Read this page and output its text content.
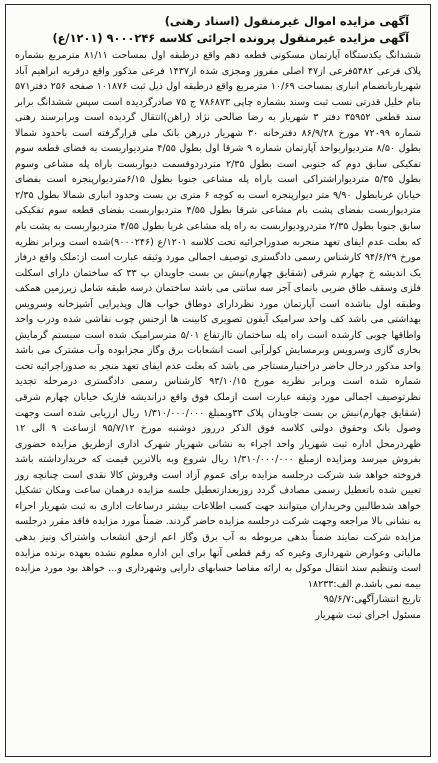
آگهی مزایده اموال غیرمنقول (اسناد رهنی)
آگهی مزایده غیرمنقول پرونده اجرائی کلاسه ۹۰۰۰۲۴۶ (۱۲۰۱/ع)
ششدانگ یکدستگاه آپارتمان مسکونی قطعه دهم واقع درطبقه اول بمساحت ۸۱/۱۱ مترمربع بشماره پلاک فرعی ۵۴۸۲فرعی از۴۷ اصلی مفروز ومجزی شده از۱۴۳۷ فرعی مذکور واقع درقریه ابراهیم آباد شهریاربانضمام انباری بمساحت ۱۰/۶۹ مترمربع واقع درطبقه اول ذیل ثبت ۱۰۱۸۷۶ صفحه ۲۵۶ دفتر۵۷۱ بنام خلیل قدرتی نسب ثبت وسند بشماره چاپی ۷۸۶۸۷۳ ج ۷۵ صادرگردیده است سپس ششدانگ برابر سند قطعی ۳۵۹۵۲ دفتر ۳ شهریار به رضا صالحی نژاد (راهن)انتقال گردیده است وبرابرسند رهنی شماره ۷۲۰۹۹ مورخ ۸۶/۹/۲۸ دفترخانه ۳۰ شهریار دررهن بانک ملی قرارگرفته است باحدود شمالا بطول ۸/۵۰ متردیواربواحد آپارتمان شماره ۹ شرقا اول بطول ۴/۵۵ متردیواربست به فضای قطعه سوم تفکیکی سابق دوم که جنوبی است بطول ۲/۳۵ متردردوقسمت دیواربست باراه پله مشاعی وسوم بطول ۵/۳۵ متردیواراشتراکی است باراه پله مشاعی جنوبا بطول ۶/۱۵متردیوارپنجره است بفضای خیابان غربابطول ۹/۹۰ متر دیوارپنجره است به کوچه ۶ متری بن بست وحدود انباری شمالا بطول ۲/۳۵ متردیواربست بفضای پشت بام مشاعی شرقا بطول ۴/۵۵ متردیواربست بفضای قطعه سوم تفکیکی سابق جنوبا بطول ۲/۳۵ متردرودیواربست به راه پله مشاعی غربا بطول ۴/۵۵ متردیواربست به پشت بام که بعلت عدم ایفای تعهد منجربه صدوراجرائیه تحت کلاسه ۱۲۰۱/ع (۹۰۰۰۲۴۶)شده است وبرابر نظریه مورخ ۹۴/۶/۲۹ کارشناس رسمی دادگستری توصیف اجمالی مورد وثیقه عبارت است از:ملک واقع درفاز یک اندیشه خ چهارم شرقی (شقایق چهارم)نبش بن بست جاویدان پ ۳۳ که ساختمان دارای اسکلت فلزی وسقف طاق ضربی بانمای آجر سه سانتی می باشد ساختمان درسه طبقه شامل زیرزمین همکف وطبقه اول بناشده است آپارتمان مورد نظردارای دوطاق خواب هال وپذیرایی آشپزخانه وسرویس بهداشتی می باشد کف واحد سرامیک آیفون تصویری کابینت ها ازجنس چوب نقاشی شده ودرب واحد واطاقها چوبی کارشده است راه پله ساختمان تاارتفاع ۵/۰۱ مترسرامیک شده است سیستم گرمایش بخاری گازی وسرویس وبرمسایش کولرآبی است انشعابات برق وگاز مجزابوده وآب مشترک می باشد واحد مذکور درحال حاضر دراختیارمستاجر می باشد که بعلت عدم ایفای تعهد منجر به صدوراجرائیه تحت شماره شده است وبرابر نظریه مورخ ۹۳/۱۰/۱۵ کارشناس رسمی دادگستری درمرحله تجدید نظرتوصیف اجمالی مورد وثیقه عبارت است ازملک فوق واقع دراندیشه فازیک خیابان چهارم شرقی (شقایق چهارم)نبش بن بست جاویدان پلاک ۳۳وبمبلغ ۱/۳۱۰/۰۰۰/۰۰۰ ریال ارزیابی شده است وجهت وصول بانک وحقوق دولتی کلاسه فوق الذکر درروز دوشنبه مورخ ۹۵/۷/۱۲ ازساعت ۹ الی ۱۲ ظهردرمحل اداره ثبت شهریار واحد اجراء به نشانی شهریار شهرک اداری ازطریق مزایده حضوری بفروش میرسد ومزایده ازمبلغ ۱/۳۱۰/۰۰۰/۰۰۰ ریال شروع وبه بالاترین قیمت که خریدارداشته باشد فروخته خواهد شد شرکت درجلسه مزایده برای عموم آزاد است وفروش کالا نقدی است چنانچه روز تعیین شده باتعطیل رسمی مصادف گردد روزبعدازتعطیل جلسه مزایده درهمان ساعت ومکان تشکیل خواهد شدطالبین وخریداران میتوانند جهت کسب اطلاعات بیشتر درساعات اداری به ثبت شهریار اجراء به نشانی بالا مراجعه وجهت شرکت درجلسه مزایده حاضر گردند. ضمناً مورد مزایده فاقد مقرر درجلسه مزایده شرکت نمایند ضمناً بدهی مربوطه به آب برق وگاز اعم ازحق انشعاب واشتراک ونیز بدهی مالیاتی وعوارض شهرداری وغیره که رقم قطعی آنها برای این اداره معلوم نشده بعهده برنده مزایده است وتنظیم سند انتقال موکول به ارائه مفاصا حسابهای دارایی وشهرداری و... خواهد بود مورد مزایده بیمه نمی باشد.م الف:۱۸۲۳۳
تاریخ انتشارآگهی:۹۵/۶/۷
مسئول اجرای ثبت شهریار
